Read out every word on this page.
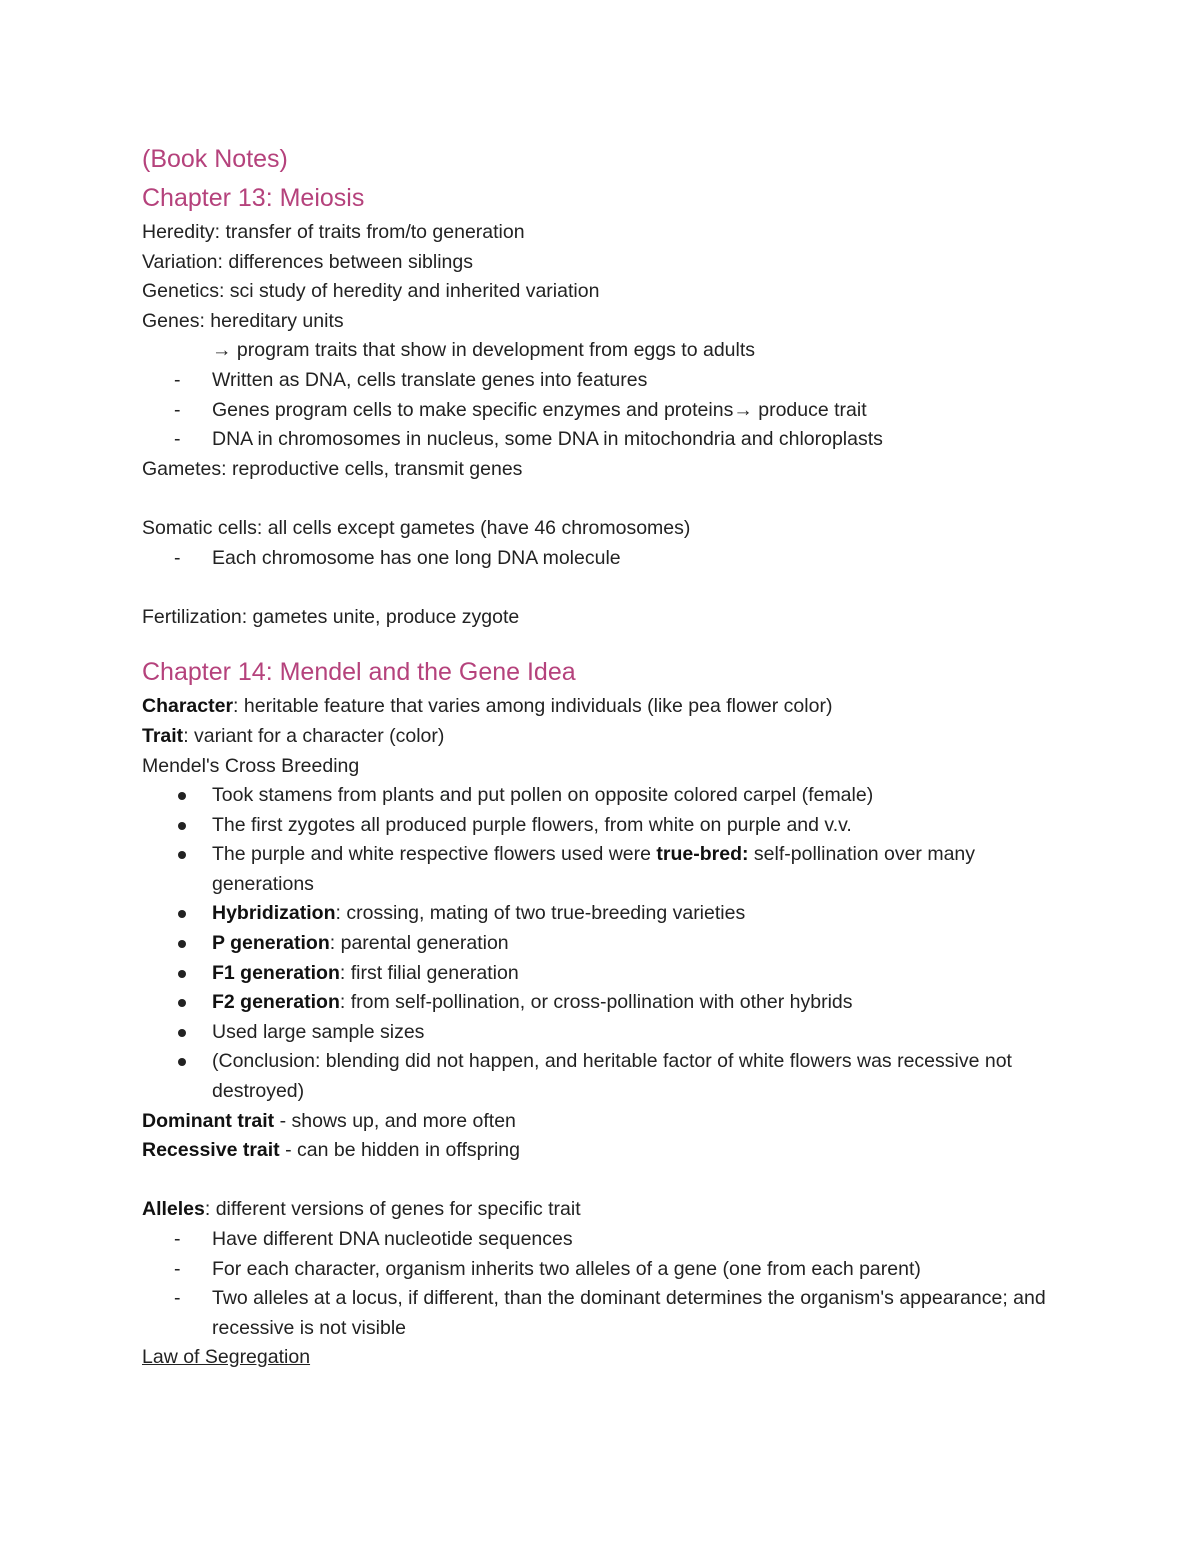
(Book Notes)
Chapter 13: Meiosis
Heredity: transfer of traits from/to generation
Variation: differences between siblings
Genetics: sci study of heredity and inherited variation
Genes: hereditary units
→ program traits that show in development from eggs to adults
- Written as DNA, cells translate genes into features
- Genes program cells to make specific enzymes and proteins→ produce trait
- DNA in chromosomes in nucleus, some DNA in mitochondria and chloroplasts
Gametes: reproductive cells, transmit genes
Somatic cells: all cells except gametes (have 46 chromosomes)
- Each chromosome has one long DNA molecule
Fertilization: gametes unite, produce zygote
Chapter 14: Mendel and the Gene Idea
Character: heritable feature that varies among individuals (like pea flower color)
Trait: variant for a character (color)
Mendel's Cross Breeding
Took stamens from plants and put pollen on opposite colored carpel (female)
The first zygotes all produced purple flowers, from white on purple and v.v.
The purple and white respective flowers used were true-bred: self-pollination over many generations
Hybridization: crossing, mating of two true-breeding varieties
P generation: parental generation
F1 generation: first filial generation
F2 generation: from self-pollination, or cross-pollination with other hybrids
Used large sample sizes
(Conclusion: blending did not happen, and heritable factor of white flowers was recessive not destroyed)
Dominant trait - shows up, and more often
Recessive trait - can be hidden in offspring
Alleles: different versions of genes for specific trait
- Have different DNA nucleotide sequences
- For each character, organism inherits two alleles of a gene (one from each parent)
- Two alleles at a locus, if different, than the dominant determines the organism's appearance; and recessive is not visible
Law of Segregation
